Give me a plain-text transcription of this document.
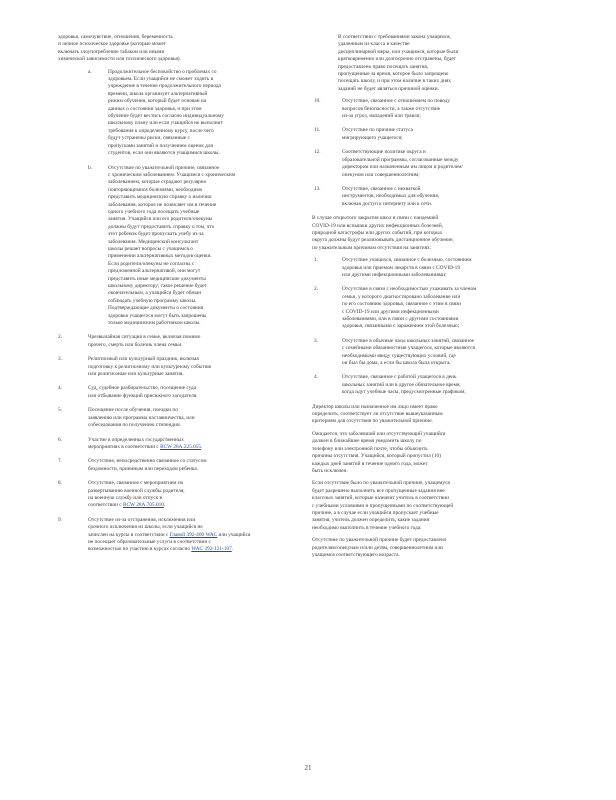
здоровья, самочувствие, отношения, беременность
и личное психическое здоровье (которые может
включать злоупотребление табаком или иными
химической зависимости или психического здоровья).
a.	Продолжительное беспокойство о проблемах со
здоровьем. Если учащийся не сможет ходить в
учреждение в течение продолжительного периода
времени, школа организует альтернативный
режим обучения, который будет основан на
данных о состоянии здоровья, и при этом
обучение будет вестись согласно индивидуальному
школьному плану или если учащийся не выполнит
требования к определенному курсу, после чего
будут устранены риски, связанные с
пропусками занятий и получением оценок для
студентов, если они являются учащимися школы.
b.	Отсутствие по уважительной причине, связанное
с хроническим заболеванием. Учащимся с хроническим
заболеванием, которые страдают регулярно
повторяющимися болезнями, необходимо
представить медицинскую справку о наличии
заболевания, которое не позволяет им в течение
одного учебного года посещать учебные
занятия. Учащийся или его родители/опекуны
должны будут предоставить справку о том, что
этот ребенок будет пропускать учебу из-за
заболевания. Медицинский консультант
школы решает вопросы с учащимся о
применении альтернативных методов оценки.
Если родители/опекуны не согласны с
предложенной альтернативой, они могут
представить иные медицинские документы
школьному директору; такое решение будет
окончательным, а учащийся будет обязан
соблюдать учебную программу школы.
Подтверждающие документы о состоянии
здоровья учащегося могут быть запрошены
только медицинским работником школы.
2.	Чрезвычайная ситуация в семье, включая помимо
прочего, смерть или болезнь члена семьи.
3.	Религиозный или культурный праздник, включая
подготовку к религиозному или культурному событию
или религиозные или культурные занятия.
4.	Суд, судебное разбирательство, посещение суда
или отбывание функций присяжного заседателя.
5.	Посещение после обучения, поездки по
заявлению или программа наставничества, или
собеседования по получению стипендии.
6.	Участие в определенных государственных
мероприятиях в соответствии с RCW 28A.225.055.
7.	Отсутствие, непосредственно связанное со статусом
бездомности, приемным или переходом ребенка.
8.	Отсутствие, связанное с мероприятием по
развертыванию военной службы родителя,
на военную службу или отпуск в
соответствии с RCW 28A.705.010.
9.	Отсутствие из-за отстранения, исключения или
срочного исключения из школы, если учащийся не
зачислен на курсы в соответствии с Главой 392-400 WAC или учащийся
не посещает образовательные услуги в соответствии с
возможностью по участию в курсах согласно WAC 392-121-107.
В соответствии с требованиями закона учащимся,
удаленным из класса в качестве
дисциплинарной меры, или учащимся, которые были
кратковременно или долгосрочно отстранены, будет
предоставлено право посещать занятия,
пропущенные за время, которое было запрещено
посещать школу, и при этом наличие в таких днях
заданий не будет являться причиной оценки.
10.	Отсутствие, связанное с отношением по поводу
вопросов безопасности, а также отсутствие
из-за угроз, нападений или травли;
11.	Отсутствие по причине статуса
мигрирующего учащегося;
12.	Соответствующие политике округа и
образовательной программы, согласованные между
директором или назначенным им лицом и родителем/
опекуном или совершеннолетним;
13.	Отсутствие, связанное с нехваткой
инструментов, необходимых для обучения,
включая доступ к интернету или к сети.
В случае открытого закрытия школ в связи с пандемией
COVID-19 или вспышки других инфекционных болезней,
природной катастрофы или других событий, при которых
округа должны будут реализовывать дистанционное обучение,
по уважительным причинам отсутствия на занятиях:
1.	Отсутствие учащихся, связанное с болезнью, состоянием
здоровья или приемом лекарств в связи с COVID-19
или другими инфекционными заболеваниями;
2.	Отсутствие в связи с необходимостью ухаживать за членом
семьи, у которого диагностировано заболевание или
по его состоянию здоровья, связанное с этим в связи
с COVID-19 или другими инфекционными
заболеваниями, или в связи с другими состояниями
здоровья, связанными с заражением этой болезнью;
3.	Отсутствие в обычные часы школьных занятий, связанное
с семейными обязанностями учащегося, которые являются
необходимыми ввиду существующих условий, где
он был бы дома, а если бы школа была открыта;
4.	Отсутствие, связанное с работой учащегося в день
школьных занятий или в другое обязательное время,
когда идут учебные часы, предусмотренные графиком;
Директор школы или назначенное им лицо имеет право
определить, соответствует ли отсутствие вышеуказанным
критериям для отсутствия по уважительной причине.
Ожидается, что заболевший или отсутствующий учащийся
должен в ближайшее время уведомить школу по
телефону или электронной почте, чтобы объяснить
причины отсутствия. Учащийся, который пропустил (10)
каждых дней занятий в течение одного года, может
быть исключен.
Если отсутствие было по уважительной причине, учащемуся
будет разрешено выполнить все пропущенные задания вне
классных занятий, которые назначит учитель в соответствии
с учебными условиями и пропущенными по соответствующей
причине, а в случае если учащийся пропускает учебные
занятия, учитель должен определить, какие задания
необходимо выполнить в течение учебного года.
Отсутствие по уважительной причине будет предоставлено
родителям/опекунам и/или детям, совершеннолетним или
учащимся соответствующего возраста.
21
